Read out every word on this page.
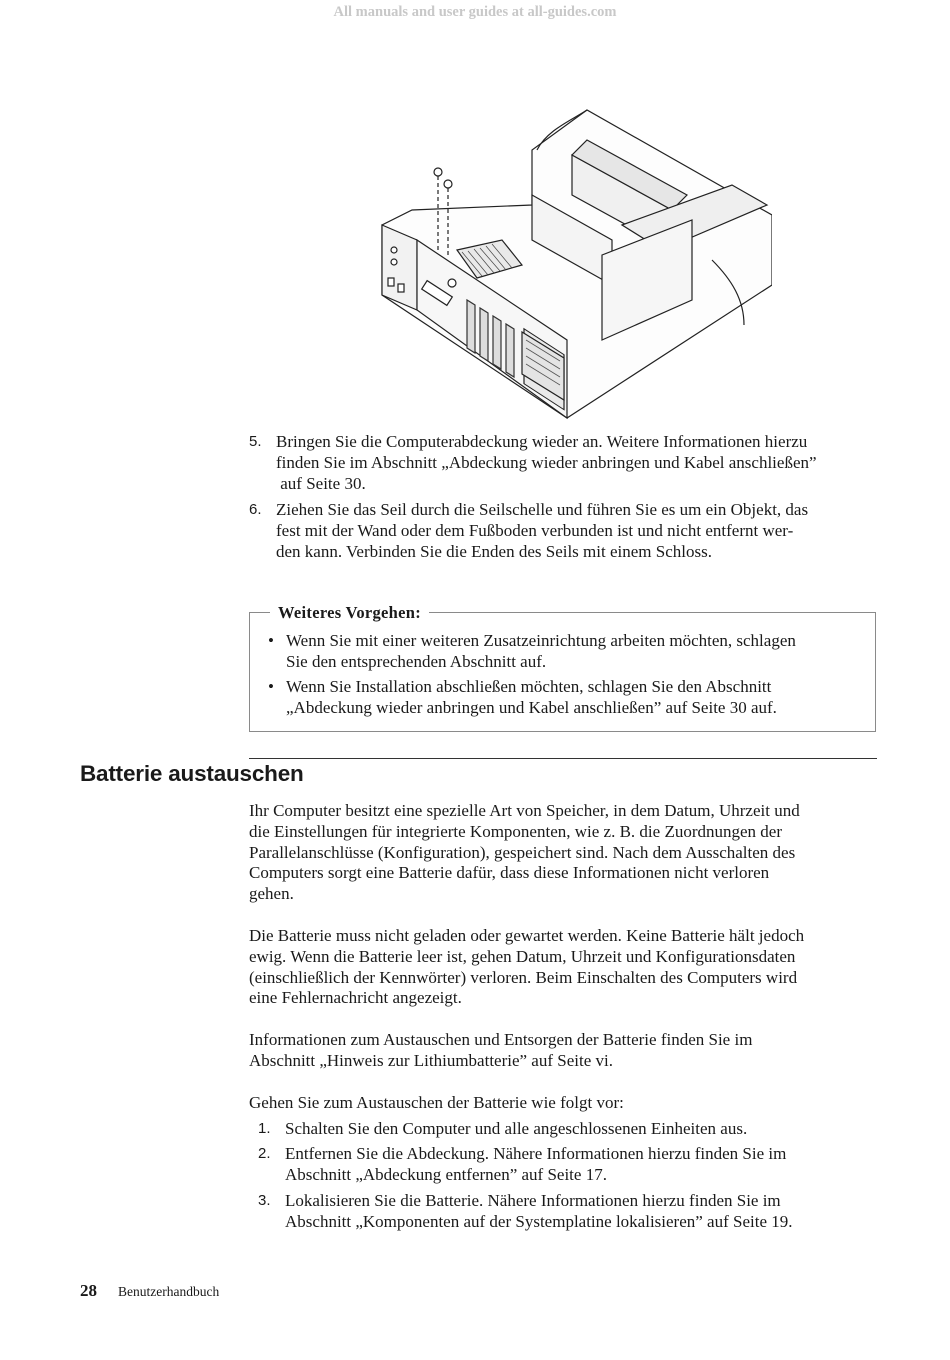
All manuals and user guides at all-guides.com
5. Bringen Sie die Computerabdeckung wieder an. Weitere Informationen hierzu
finden Sie im Abschnitt „Abdeckung wieder anbringen und Kabel anschließen”
auf Seite 30.
6. Ziehen Sie das Seil durch die Seilschelle und führen Sie es um ein Objekt, das
fest mit der Wand oder dem Fußboden verbunden ist und nicht entfernt wer-
den kann. Verbinden Sie die Enden des Seils mit einem Schloss.
Weiteres Vorgehen:
• Wenn Sie mit einer weiteren Zusatzeinrichtung arbeiten möchten, schlagen
Sie den entsprechenden Abschnitt auf.
• Wenn Sie Installation abschließen möchten, schlagen Sie den Abschnitt
„Abdeckung wieder anbringen und Kabel anschließen” auf Seite 30 auf.
Batterie austauschen
Ihr Computer besitzt eine spezielle Art von Speicher, in dem Datum, Uhrzeit und
die Einstellungen für integrierte Komponenten, wie z. B. die Zuordnungen der
Parallelanschlüsse (Konfiguration), gespeichert sind. Nach dem Ausschalten des
Computers sorgt eine Batterie dafür, dass diese Informationen nicht verloren
gehen.
Die Batterie muss nicht geladen oder gewartet werden. Keine Batterie hält jedoch
ewig. Wenn die Batterie leer ist, gehen Datum, Uhrzeit und Konfigurationsdaten
(einschließlich der Kennwörter) verloren. Beim Einschalten des Computers wird
eine Fehlernachricht angezeigt.
Informationen zum Austauschen und Entsorgen der Batterie finden Sie im
Abschnitt „Hinweis zur Lithiumbatterie” auf Seite vi.
Gehen Sie zum Austauschen der Batterie wie folgt vor:
1. Schalten Sie den Computer und alle angeschlossenen Einheiten aus.
2. Entfernen Sie die Abdeckung. Nähere Informationen hierzu finden Sie im
Abschnitt „Abdeckung entfernen” auf Seite 17.
3. Lokalisieren Sie die Batterie. Nähere Informationen hierzu finden Sie im
Abschnitt „Komponenten auf der Systemplatine lokalisieren” auf Seite 19.
28 Benutzerhandbuch
